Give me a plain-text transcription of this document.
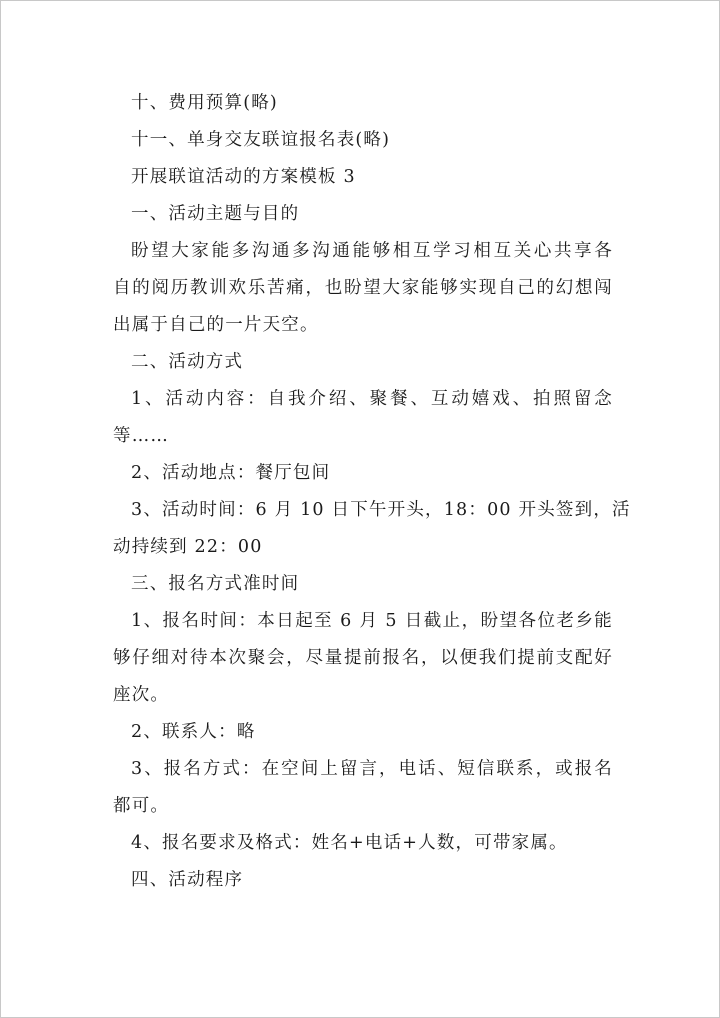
十、费用预算(略)
十一、单身交友联谊报名表(略)
开展联谊活动的方案模板 3
一、活动主题与目的
盼望大家能多沟通多沟通能够相互学习相互关心共享各
自的阅历教训欢乐苦痛，也盼望大家能够实现自己的幻想闯
出属于自己的一片天空。
二、活动方式
1、活动内容：自我介绍、聚餐、互动嬉戏、拍照留念
等……
2、活动地点：餐厅包间
3、活动时间：6 月 10 日下午开头，18：00 开头签到，活
动持续到 22：00
三、报名方式准时间
1、报名时间：本日起至 6 月 5 日截止，盼望各位老乡能
够仔细对待本次聚会，尽量提前报名，以便我们提前支配好
座次。
2、联系人：略
3、报名方式：在空间上留言，电话、短信联系，或报名
都可。
4、报名要求及格式：姓名+电话+人数，可带家属。
四、活动程序
